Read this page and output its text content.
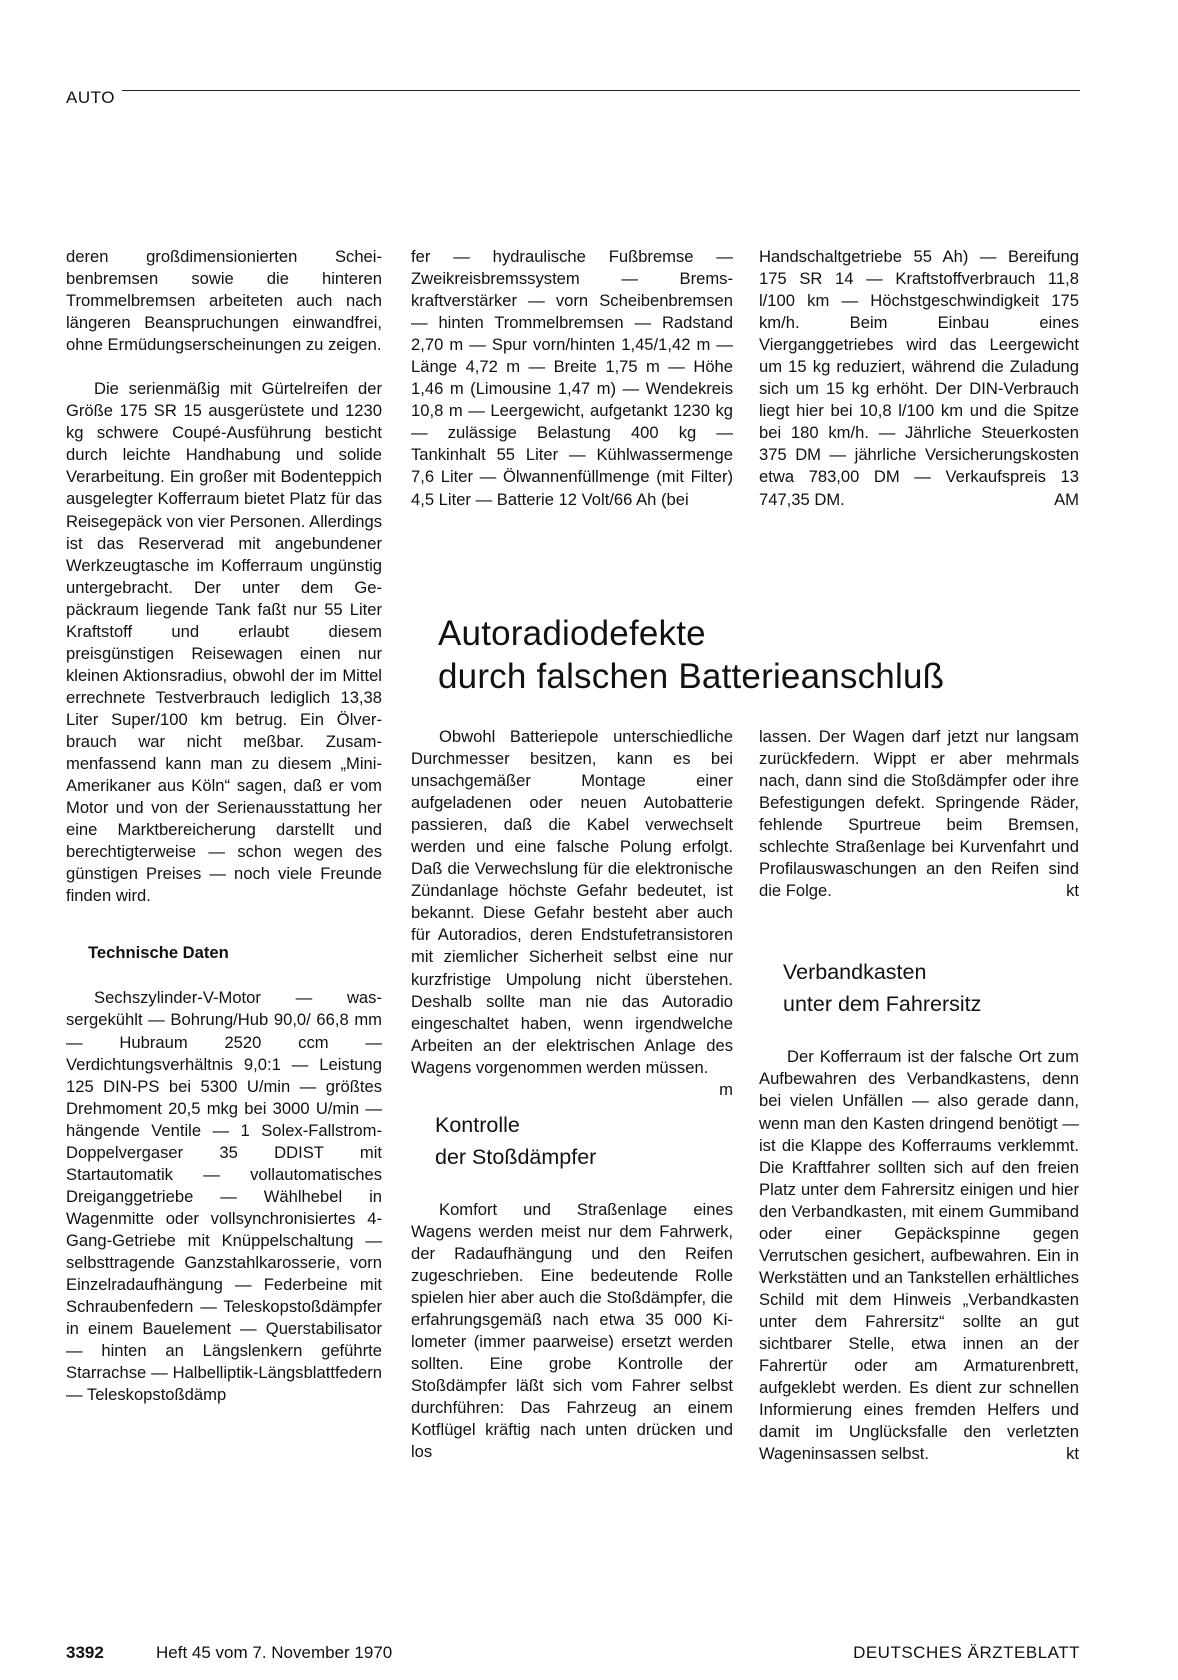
AUTO

deren großdimensionierten Scheibenbremsen sowie die hinteren Trommelbremsen arbeiteten auch nach längeren Beanspruchungen einwandfrei, ohne Ermüdungserscheinungen zu zeigen.

Die serienmäßig mit Gürtelreifen der Größe 175 SR 15 ausgerüstete und 1230 kg schwere Coupé-Ausführung besticht durch leichte Handhabung und solide Verarbeitung. Ein großer mit Bodenteppich ausgelegter Kofferraum bietet Platz für das Reisegepäck von vier Personen. Allerdings ist das Reserverad mit angebundener Werkzeugtasche im Kofferraum ungünstig untergebracht. Der unter dem Gepäckraum liegende Tank faßt nur 55 Liter Kraftstoff und erlaubt diesem preisgünstigen Reisewagen einen nur kleinen Aktionsradius, obwohl der im Mittel errechnete Testverbrauch lediglich 13,38 Liter Super/100 km betrug. Ein Ölverbrauch war nicht meßbar. Zusammenfassend kann man zu diesem „Mini-Amerikaner aus Köln“ sagen, daß er vom Motor und von der Serienausstattung her eine Marktbereicherung darstellt und berechtigterweise — schon wegen des günstigen Preises — noch viele Freunde finden wird.

Technische Daten

Sechszylinder-V-Motor — wassergekühlt — Bohrung/Hub 90,0/ 66,8 mm — Hubraum 2520 ccm — Verdichtungsverhältnis 9,0:1 — Leistung 125 DIN-PS bei 5300 U/min — größtes Drehmoment 20,5 mkg bei 3000 U/min — hängende Ventile — 1 Solex-Fallstrom-Doppelvergaser 35 DDIST mit Startautomatik — vollautomatisches Dreiganggetriebe — Wählhebel in Wagenmitte oder vollsynchronisiertes 4-Gang-Getriebe mit Knüppelschaltung — selbsttragende Ganzstahlkarosserie, vorn Einzelradaufhängung — Federbeine mit Schraubenfedern — Teleskopstoßdämpfer in einem Bauelement — Querstabilisator — hinten an Längslenkern geführte Starrachse — Halbelliptik-Längsblattfedern — Teleskopstoßdämp

fer — hydraulische Fußbremse — Zweikreisbremssystem — Bremskraftverstärker — vorn Scheibenbremsen — hinten Trommelbremsen — Radstand 2,70 m — Spur vorn/hinten 1,45/1,42 m — Länge 4,72 m — Breite 1,75 m — Höhe 1,46 m (Limousine 1,47 m) — Wendekreis 10,8 m — Leergewicht, aufgetankt 1230 kg — zulässige Belastung 400 kg — Tankinhalt 55 Liter — Kühlwassermenge 7,6 Liter — Ölwannenfüllmenge (mit Filter) 4,5 Liter — Batterie 12 Volt/66 Ah (bei

Handschaltgetriebe 55 Ah) — Bereifung 175 SR 14 — Kraftstoffverbrauch 11,8 l/100 km — Höchstgeschwindigkeit 175 km/h. Beim Einbau eines Vierganggetriebes wird das Leergewicht um 15 kg reduziert, während die Zuladung sich um 15 kg erhöht. Der DIN-Verbrauch liegt hier bei 10,8 l/100 km und die Spitze bei 180 km/h. — Jährliche Steuerkosten 375 DM — jährliche Versicherungskosten etwa 783,00 DM — Verkaufspreis 13 747,35 DM.	AM

Autoradiodefekte
durch falschen Batterieanschluß

Obwohl Batteriepole unterschiedliche Durchmesser besitzen, kann es bei unsachgemäßer Montage einer aufgeladenen oder neuen Autobatterie passieren, daß die Kabel verwechselt werden und eine falsche Polung erfolgt. Daß die Verwechslung für die elektronische Zündanlage höchste Gefahr bedeutet, ist bekannt. Diese Gefahr besteht aber auch für Autoradios, deren Endstufetransistoren mit ziemlicher Sicherheit selbst eine nur kurzfristige Umpolung nicht überstehen. Deshalb sollte man nie das Autoradio eingeschaltet haben, wenn irgendwelche Arbeiten an der elektrischen Anlage des Wagens vorgenommen werden müssen.
m

Kontrolle
der Stoßdämpfer

Komfort und Straßenlage eines Wagens werden meist nur dem Fahrwerk, der Radaufhängung und den Reifen zugeschrieben. Eine bedeutende Rolle spielen hier aber auch die Stoßdämpfer, die erfahrungsgemäß nach etwa 35 000 Kilometer (immer paarweise) ersetzt werden sollten. Eine grobe Kontrolle der Stoßdämpfer läßt sich vom Fahrer selbst durchführen: Das Fahrzeug an einem Kotflügel kräftig nach unten drücken und los

lassen. Der Wagen darf jetzt nur langsam zurückfedern. Wippt er aber mehrmals nach, dann sind die Stoßdämpfer oder ihre Befestigungen defekt. Springende Räder, fehlende Spurtreue beim Bremsen, schlechte Straßenlage bei Kurvenfahrt und Profilauswaschungen an den Reifen sind die Folge.	kt

Verbandkasten
unter dem Fahrersitz

Der Kofferraum ist der falsche Ort zum Aufbewahren des Verbandkastens, denn bei vielen Unfällen — also gerade dann, wenn man den Kasten dringend benötigt — ist die Klappe des Kofferraums verklemmt. Die Kraftfahrer sollten sich auf den freien Platz unter dem Fahrersitz einigen und hier den Verbandkasten, mit einem Gummiband oder einer Gepäckspinne gegen Verrutschen gesichert, aufbewahren. Ein in Werkstätten und an Tankstellen erhältliches Schild mit dem Hinweis „Verbandkasten unter dem Fahrersitz“ sollte an gut sichtbarer Stelle, etwa innen an der Fahrertür oder am Armaturenbrett, aufgeklebt werden. Es dient zur schnellen Informierung eines fremden Helfers und damit im Unglücksfalle den verletzten Wageninsassen selbst.	kt

3392	Heft 45 vom 7. November 1970	DEUTSCHES ÄRZTEBLATT
